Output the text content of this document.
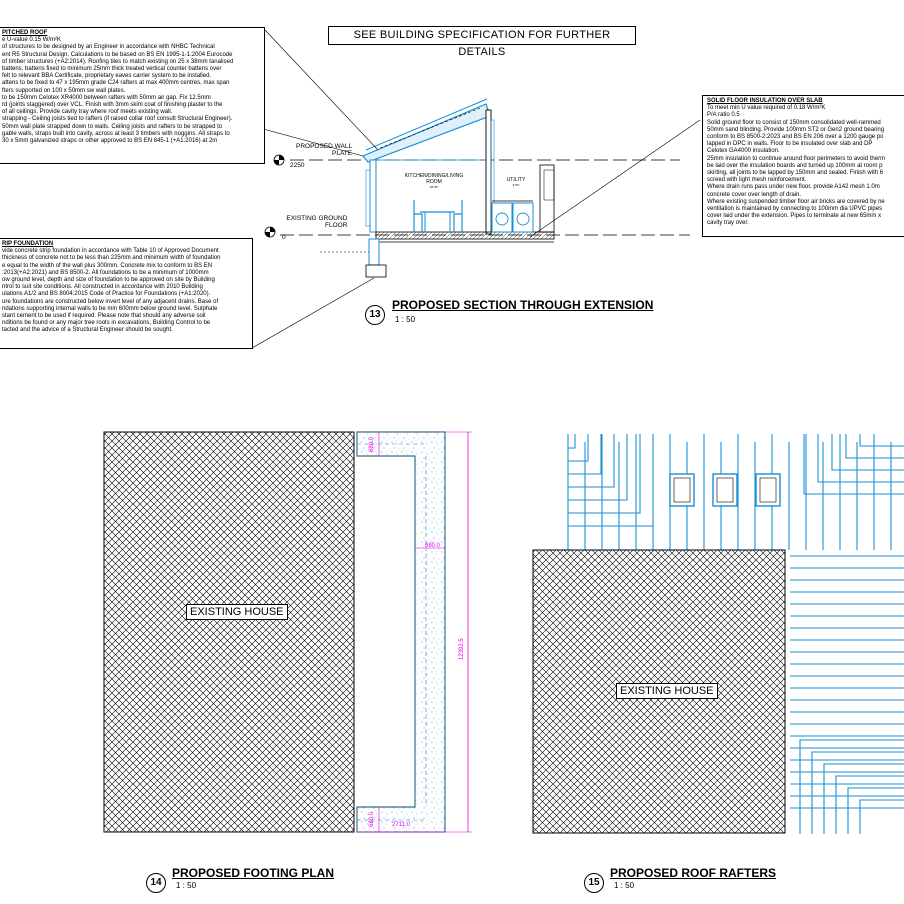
SEE BUILDING SPECIFICATION FOR FURTHER DETAILS
PITCHED ROOF
e U-value 0.15 W/m²K
of structures to be designed by an Engineer in accordance with NHBC Technical
ent R5 Structural Design. Calculations to be based on BS EN 1995-1-1:2004 Eurocode
of timber structures (+A2:2014). Roofing tiles to match existing on 25 x 38mm tanalised
battens, battens fixed to minimum 25mm thick treated vertical counter battens over
felt to relevant BBA Certificate, proprietary eaves carrier system to be installed.
attens to be fixed to 47 x 195mm grade C24 rafters at max 400mm centres, max span
fters supported on 100 x 50mm sw wall plates.
to be 150mm Celotex XR4000 between rafters with 50mm air gap. Fix 12.5mm
rd (joints staggered) over VCL. Finish with 3mm skim coat of finishing plaster to the
of all ceilings. Provide cavity tray where roof meets existing wall.
strapping - Ceiling joists tied to rafters (if raised collar roof consult Structural Engineer).
50mm wall plate strapped down to walls. Ceiling joists and rafters to be strapped to
gable walls, straps built into cavity, across at least 3 timbers with noggins. All straps to
30 x 5mm galvanized straps or other approved to BS EN 845-1 (+A1:2016) at 2m
RIP FOUNDATION
vide concrete strip foundation in accordance with Table 10 of Approved Document
thickness of concrete not to be less than 225mm and minimum width of foundation
e equal to the width of the wall plus 300mm. Concrete mix to conform to BS EN
:2013(+A2:2021) and BS 8500-2. All foundations to be a minimum of 1000mm
ow ground level, depth and size of foundation to be approved on site by Building
ntrol to suit site conditions. All constructed in accordance with 2010 Building
ulations A1/2 and BS 8004:2015 Code of Practice for Foundations (+A1:2020).
ure foundations are constructed below invert level of any adjacent drains. Base of
ndations supporting internal walls to be min 600mm below ground level. Sulphate
stant cement to be used if required. Please note that should any adverse soil
nditions be found or any major tree roots in excavations, Building Control to be
tacted and the advice of a Structural Engineer should be sought.
SOLID FLOOR INSULATION OVER SLAB
To meet min U value required of 0.18 W/m²K
P/A ratio 0.5
Solid ground floor to consist of 150mm consolidated well-rammed
50mm sand blinding. Provide 100mm ST2 or Gen2 ground bearing
conform to BS 8500-2:2023 and BS EN 206 over a 1200 gauge po
lapped in DPC in walls. Floor to be insulated over slab and DP
Celotex GA4000 insulation.
25mm insulation to continue around floor perimeters to avoid therm
be laid over the insulation boards and turned up 100mm at room p
skirting, all joints to be lapped by 150mm and sealed. Finish with 6
screed with light mesh reinforcement.
Where drain runs pass under new floor, provide A142 mesh 1.0m
concrete cover over length of drain.
Where existing suspended timber floor air bricks are covered by ne
ventilation is maintained by connecting to 100mm dia UPVC pipes
cover laid under the extension. Pipes to terminate at new 65mm x
cavity tray over.
PROPOSED WALL
PLATE
2250
EXISTING GROUND
FLOOR
0
KITCHEN/DINING/LIVING
ROOM
xx m²
UTILITY
x m²
13
PROPOSED SECTION THROUGH EXTENSION
1 : 50
EXISTING HOUSE
680.0
680.0
12392.5
680.0	2711.0
14
PROPOSED FOOTING PLAN
1 : 50
EXISTING HOUSE
15
PROPOSED ROOF RAFTERS
1 : 50
